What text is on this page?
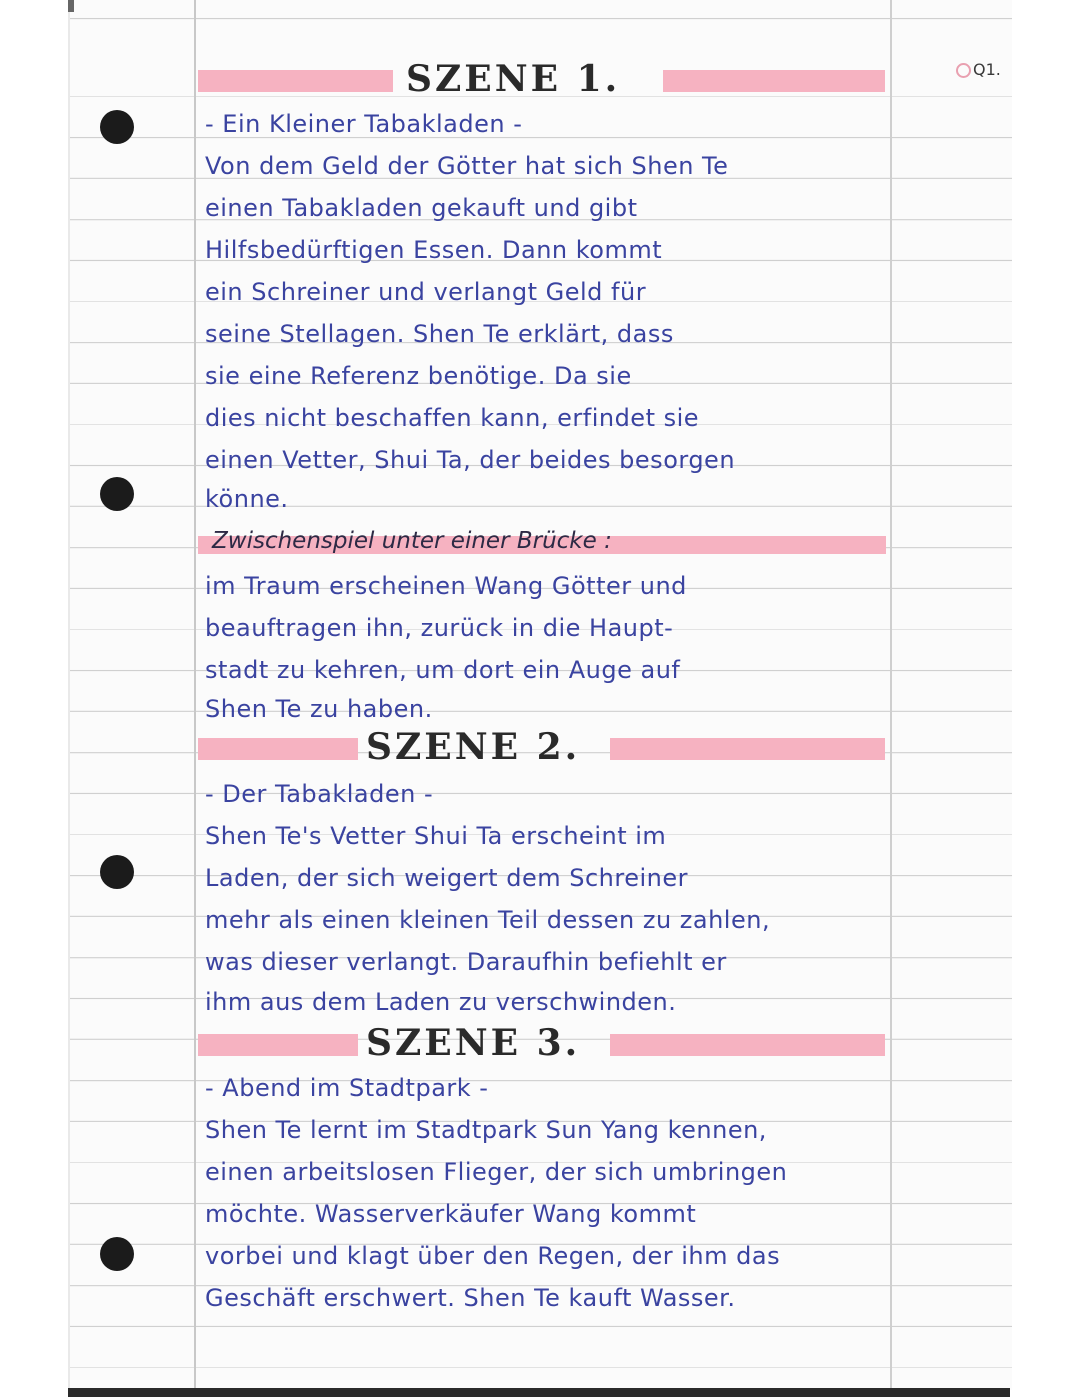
Q1.
SZENE 1.
- Ein Kleiner Tabakladen -
Von dem Geld der Götter hat sich Shen Te
einen Tabakladen gekauft und gibt
Hilfsbedürftigen Essen. Dann kommt
ein Schreiner und verlangt Geld für
seine Stellagen. Shen Te erklärt, dass
sie eine Referenz benötige. Da sie
dies nicht beschaffen kann, erfindet sie
einen Vetter, Shui Ta, der beides besorgen
könne.
Zwischenspiel unter einer Brücke :
im Traum erscheinen Wang Götter und
beauftragen ihn, zurück in die Haupt-
stadt zu kehren, um dort ein Auge auf
Shen Te zu haben.
SZENE 2.
- Der Tabakladen -
Shen Te's Vetter Shui Ta erscheint im
Laden, der sich weigert dem Schreiner
mehr als einen kleinen Teil dessen zu zahlen,
was dieser verlangt. Daraufhin befiehlt er
ihm aus dem Laden zu verschwinden.
SZENE 3.
- Abend im Stadtpark -
Shen Te lernt im Stadtpark Sun Yang kennen,
einen arbeitslosen Flieger, der sich umbringen
möchte. Wasserverkäufer Wang kommt
vorbei und klagt über den Regen, der ihm das
Geschäft erschwert. Shen Te kauft Wasser.
